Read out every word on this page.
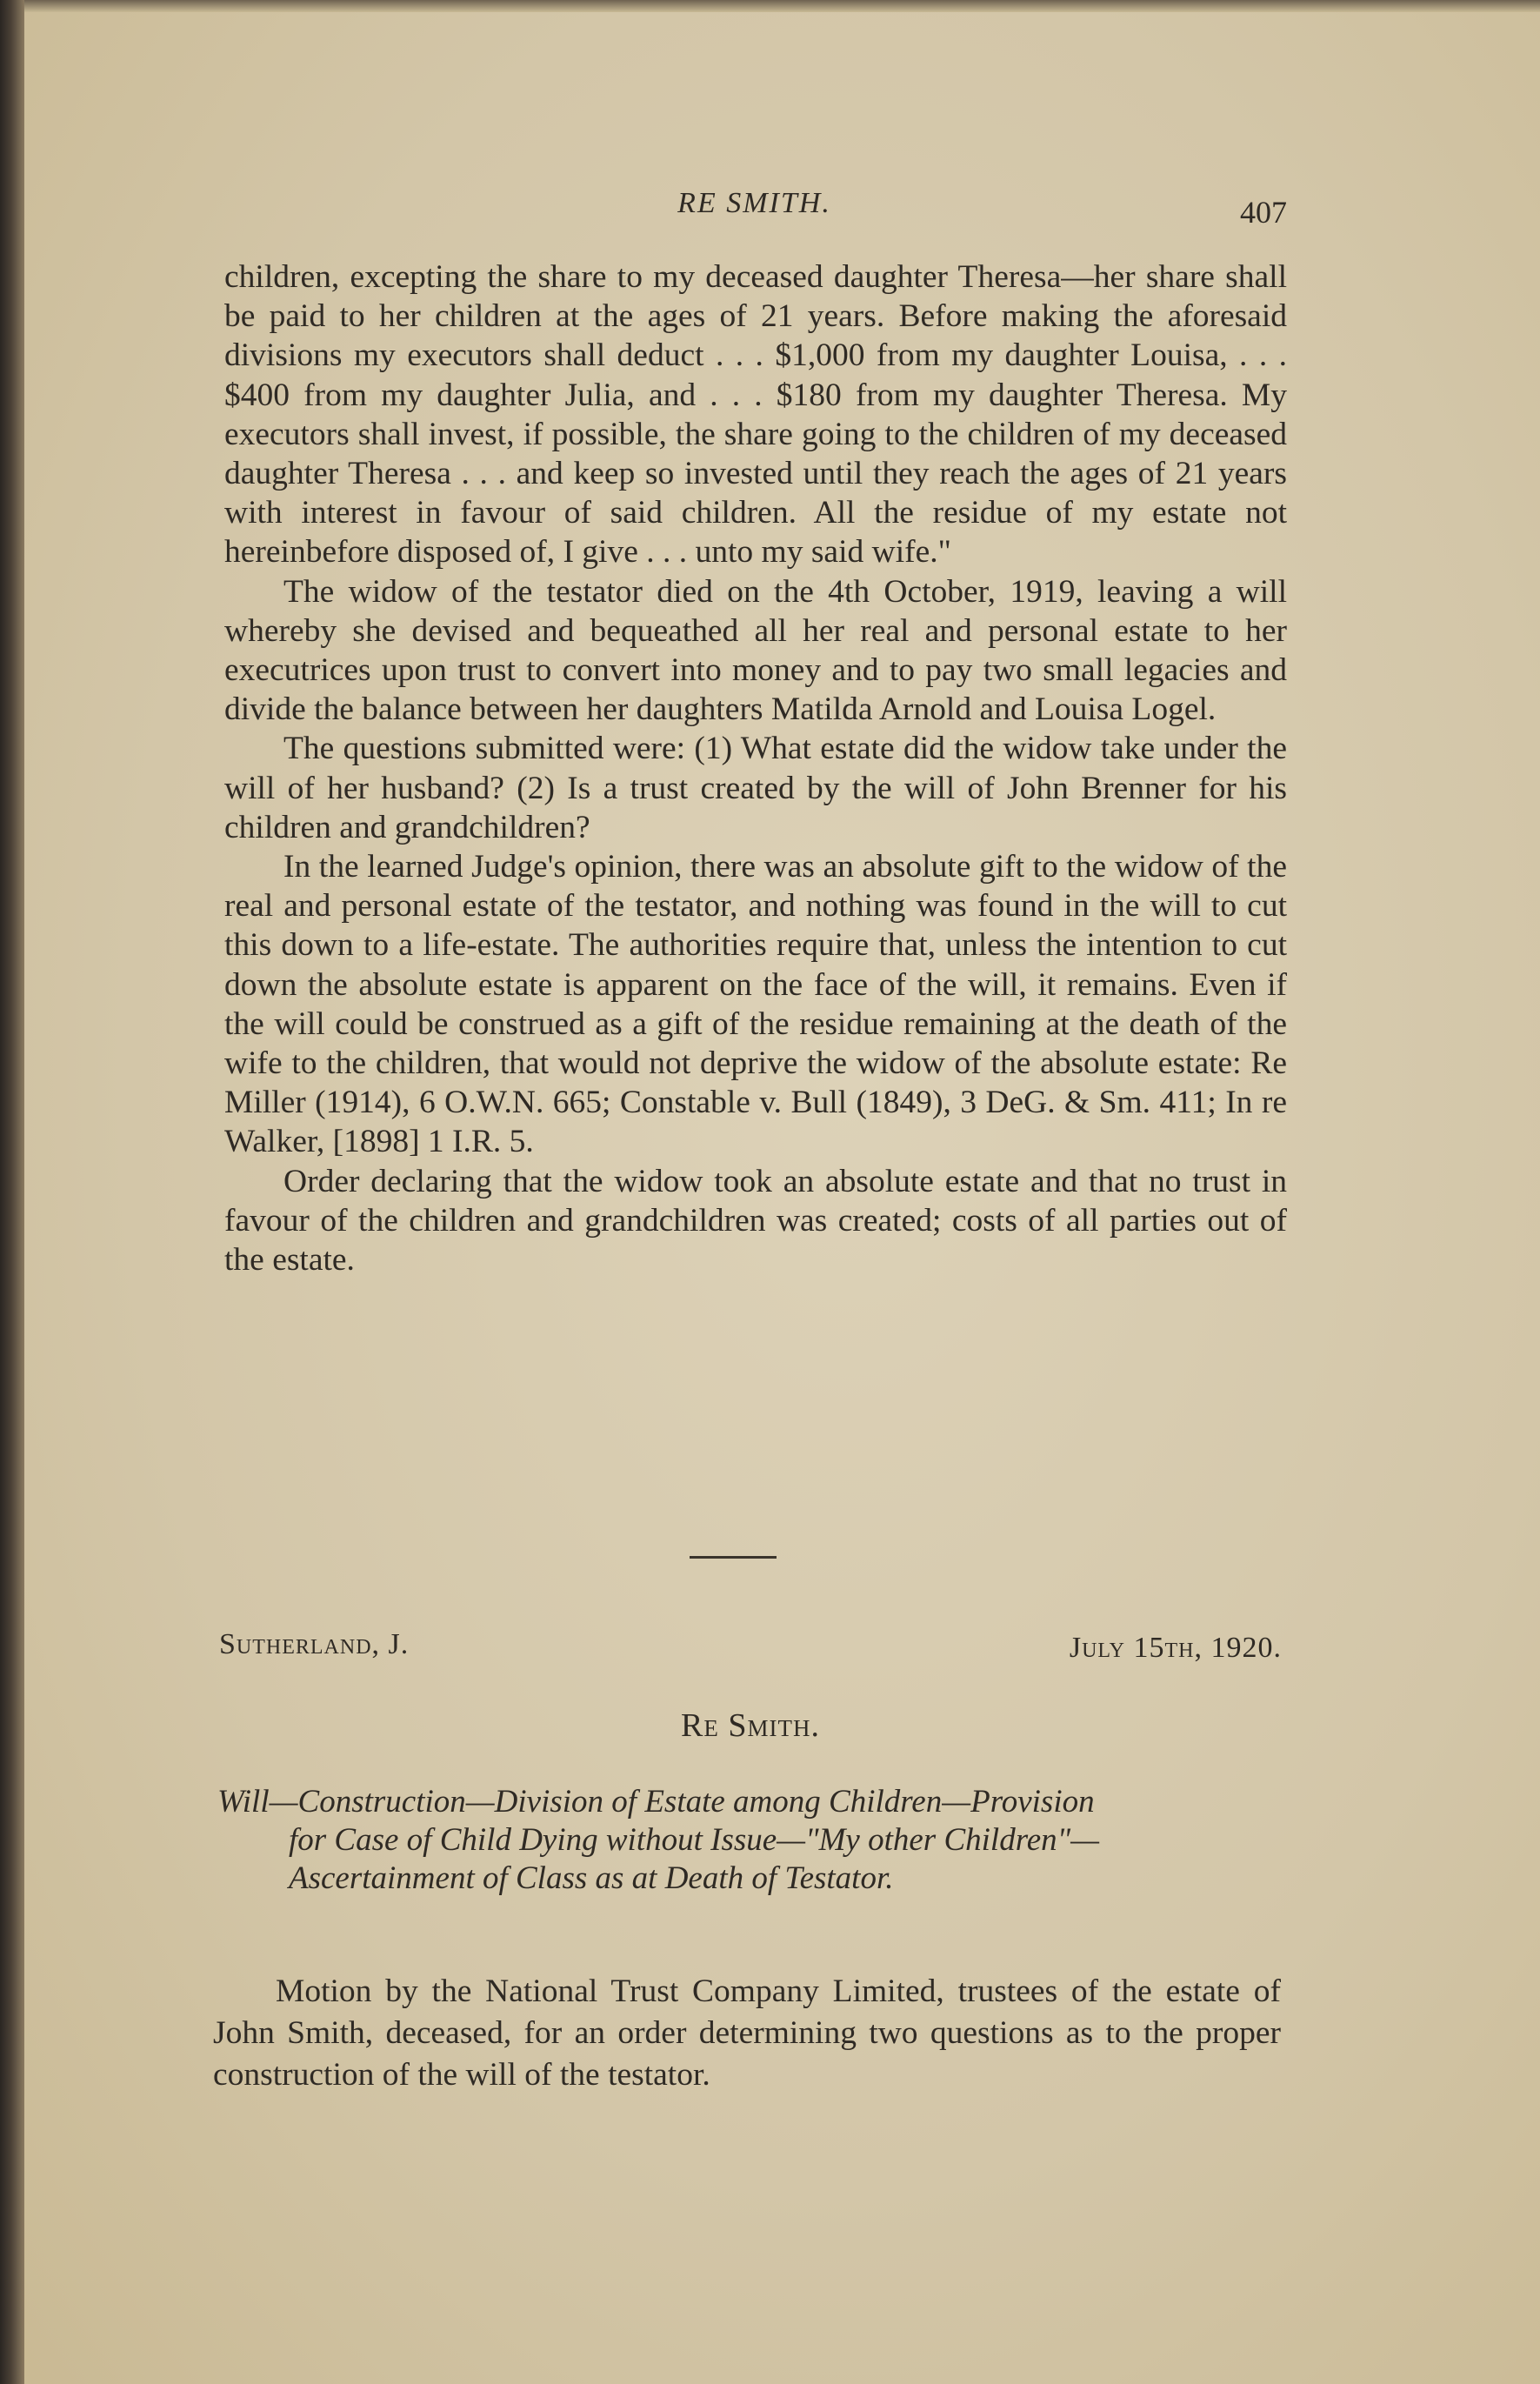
RE SMITH.	407

children, excepting the share to my deceased daughter Theresa—her share shall be paid to her children at the ages of 21 years. Before making the aforesaid divisions my executors shall deduct . . . $1,000 from my daughter Louisa, . . . $400 from my daughter Julia, and . . . $180 from my daughter Theresa. My executors shall invest, if possible, the share going to the children of my deceased daughter Theresa . . . and keep so invested until they reach the ages of 21 years with interest in favour of said children. All the residue of my estate not hereinbefore disposed of, I give . . . unto my said wife."

The widow of the testator died on the 4th October, 1919, leaving a will whereby she devised and bequeathed all her real and personal estate to her executrices upon trust to convert into money and to pay two small legacies and divide the balance between her daughters Matilda Arnold and Louisa Logel.

The questions submitted were: (1) What estate did the widow take under the will of her husband? (2) Is a trust created by the will of John Brenner for his children and grandchildren?

In the learned Judge's opinion, there was an absolute gift to the widow of the real and personal estate of the testator, and nothing was found in the will to cut this down to a life-estate. The authorities require that, unless the intention to cut down the absolute estate is apparent on the face of the will, it remains. Even if the will could be construed as a gift of the residue remaining at the death of the wife to the children, that would not deprive the widow of the absolute estate: Re Miller (1914), 6 O.W.N. 665; Constable v. Bull (1849), 3 DeG. & Sm. 411; In re Walker, [1898] 1 I.R. 5.

Order declaring that the widow took an absolute estate and that no trust in favour of the children and grandchildren was created; costs of all parties out of the estate.

Sutherland, J.	July 15th, 1920.
Re Smith.
Will—Construction—Division of Estate among Children—Provision
for Case of Child Dying without Issue—"My other Children"—
Ascertainment of Class as at Death of Testator.

Motion by the National Trust Company Limited, trustees of the estate of John Smith, deceased, for an order determining two questions as to the proper construction of the will of the testator.
